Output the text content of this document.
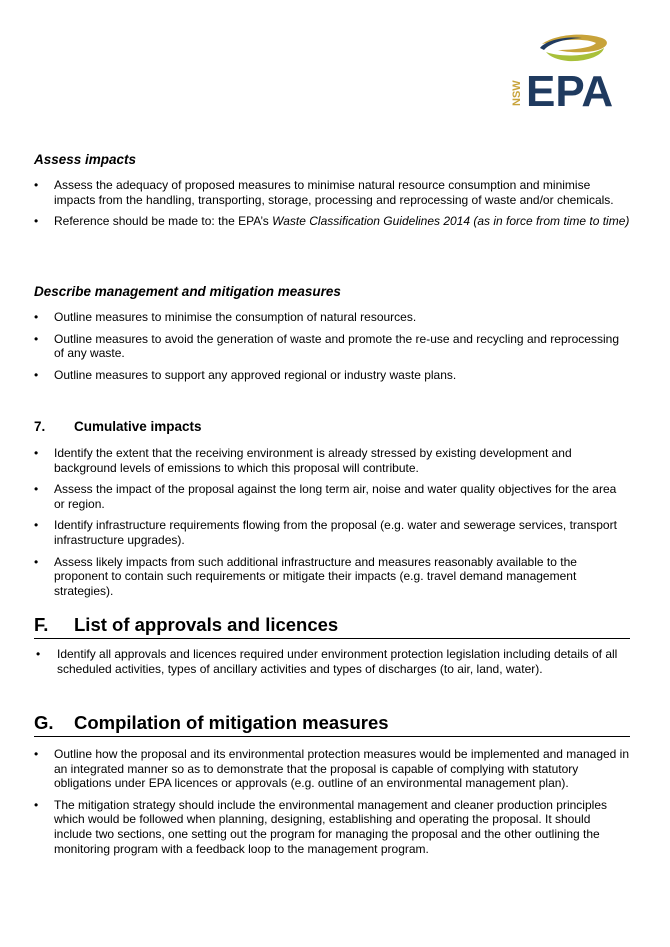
NSW EPA

Assess impacts

• Assess the adequacy of proposed measures to minimise natural resource consumption and minimise impacts from the handling, transporting, storage, processing and reprocessing of waste and/or chemicals.
• Reference should be made to: the EPA’s Waste Classification Guidelines 2014 (as in force from time to time)

Describe management and mitigation measures

• Outline measures to minimise the consumption of natural resources.
• Outline measures to avoid the generation of waste and promote the re-use and recycling and reprocessing of any waste.
• Outline measures to support any approved regional or industry waste plans.

7.	Cumulative impacts

• Identify the extent that the receiving environment is already stressed by existing development and background levels of emissions to which this proposal will contribute.
• Assess the impact of the proposal against the long term air, noise and water quality objectives for the area or region.
• Identify infrastructure requirements flowing from the proposal (e.g. water and sewerage services, transport infrastructure upgrades).
• Assess likely impacts from such additional infrastructure and measures reasonably available to the proponent to contain such requirements or mitigate their impacts (e.g. travel demand management strategies).

F.	List of approvals and licences

• Identify all approvals and licences required under environment protection legislation including details of all scheduled activities, types of ancillary activities and types of discharges (to air, land, water).

G.	Compilation of mitigation measures

• Outline how the proposal and its environmental protection measures would be implemented and managed in an integrated manner so as to demonstrate that the proposal is capable of complying with statutory obligations under EPA licences or approvals (e.g. outline of an environmental management plan).
• The mitigation strategy should include the environmental management and cleaner production principles which would be followed when planning, designing, establishing and operating the proposal. It should include two sections, one setting out the program for managing the proposal and the other outlining the monitoring program with a feedback loop to the management program.
